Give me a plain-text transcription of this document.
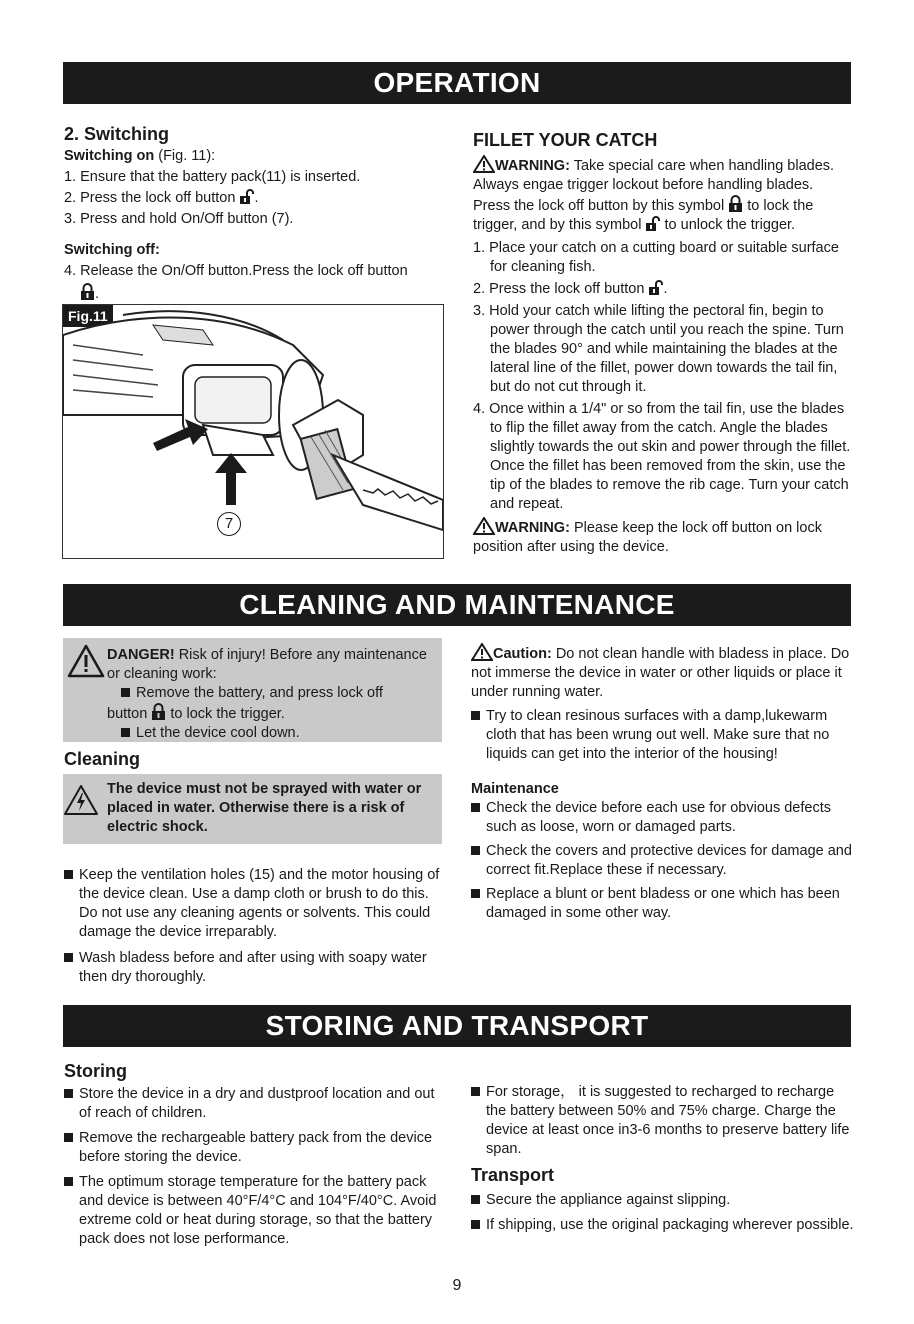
OPERATION

2. Switching

Switching on (Fig. 11):

1. Ensure that the battery pack(11) is inserted.

2. Press the lock off button .

3. Press and hold On/Off button (7).

Switching off:

4. Release the On/Off button.Press the lock off button

.

Fig.11
7

FILLET YOUR CATCH

WARNING: Take special care when handling blades. Always engae trigger lockout before handling blades.

Press the lock off button by this symbol  to lock the trigger, and by this symbol  to unlock the trigger.

1. Place your catch on a cutting board or suitable surface for cleaning fish.

2. Press the lock off button .

3. Hold your catch while lifting the pectoral fin, begin to power through the catch until you reach the spine. Turn the blades 90° and while maintaining the blades at the lateral line of the fillet, power down towards the tail fin, but do not cut through it.

4. Once within a 1/4" or so from the tail fin, use the blades to flip the fillet away from the catch. Angle the blades slightly towards the out skin and power through the fillet. Once the fillet has been removed from the skin, use the tip of the blades to remove the rib cage. Turn your catch and repeat.

WARNING: Please keep the lock off button on lock position after using the device.

CLEANING AND MAINTENANCE

DANGER! Risk of injury! Before any maintenance or cleaning work:

Remove the battery, and press lock off

button  to lock the trigger.

Let the device cool down.

Cleaning

The device must not be sprayed with water or placed in water. Otherwise there is a risk of electric shock.

Keep the ventilation holes (15) and the motor housing of the device clean. Use a damp cloth or brush to do this. Do not use any cleaning agents or solvents. This could damage the device irreparably.

Wash bladess before and after using with soapy water then dry thoroughly.

Caution: Do not clean handle with bladess in place. Do not immerse the device in water or other liquids or place it under running water.

Try to clean resinous surfaces with a damp,lukewarm cloth that has been wrung out well. Make sure that no liquids can get into the interior of the housing!

Maintenance

Check the device before each use for obvious defects such as loose, worn or damaged parts.

Check the covers and protective devices for damage and correct fit.Replace these if necessary.

Replace a blunt or bent bladess or one which has been damaged in some other way.

STORING AND TRANSPORT

Storing

Store the device in a dry and dustproof location and out of reach of children.

Remove the rechargeable battery pack from the device before storing the device.

The optimum storage temperature for the battery pack and device is between 40°F/4°C and 104°F/40°C. Avoid extreme cold or heat during storage, so that the battery pack does not lose performance.

For storage， it is suggested to recharged to recharge the battery between 50% and 75% charge. Charge the device at least once in3-6 months to preserve battery life span.

Transport

Secure the appliance against slipping.

If shipping, use the original packaging wherever possible.

9
